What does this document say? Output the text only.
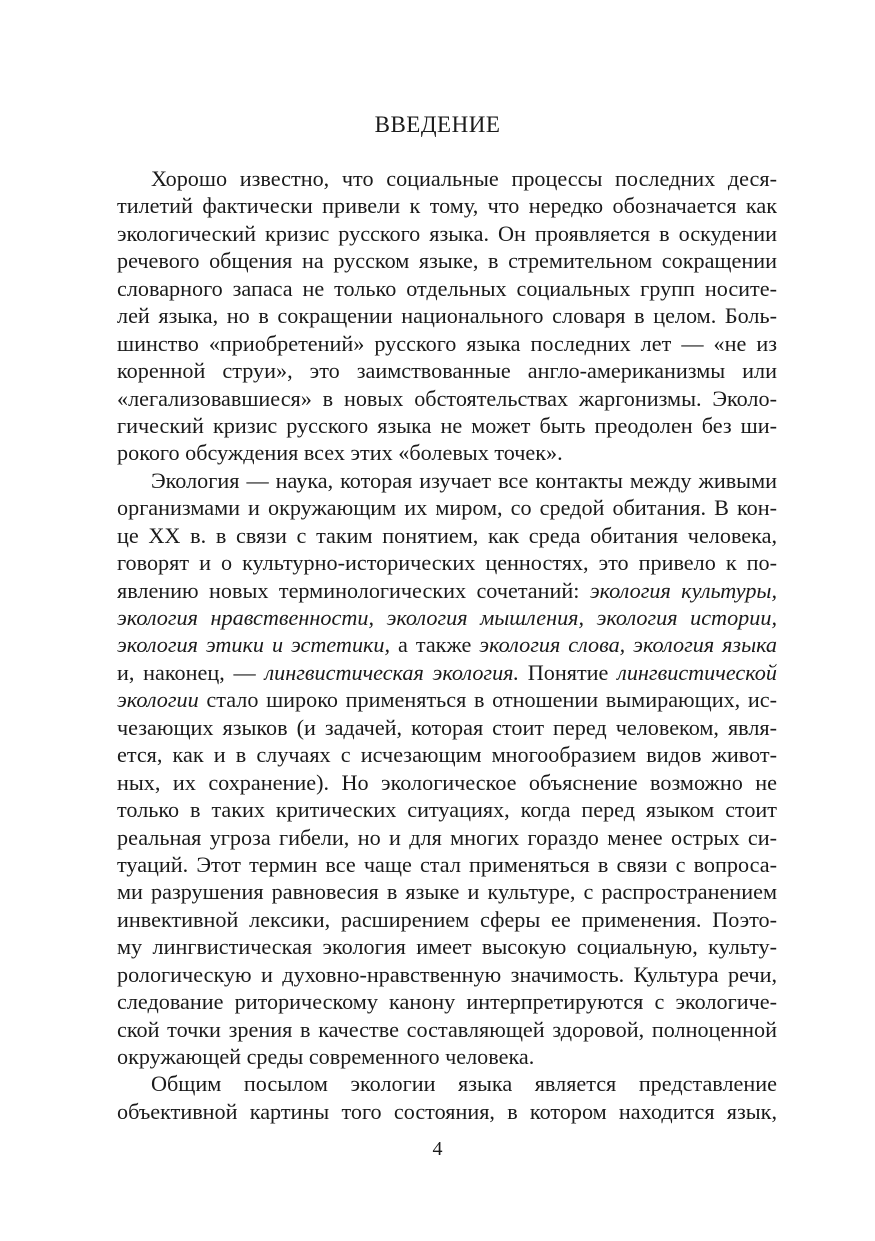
ВВЕДЕНИЕ
Хорошо известно, что социальные процессы последних деся-
тилетий фактически привели к тому, что нередко обозначается как
экологический кризис русского языка. Он проявляется в оскудении
речевого общения на русском языке, в стремительном сокращении
словарного запаса не только отдельных социальных групп носите-
лей языка, но в сокращении национального словаря в целом. Боль-
шинство «приобретений» русского языка последних лет — «не из
коренной струи», это заимствованные англо-американизмы или
«легализовавшиеся» в новых обстоятельствах жаргонизмы. Эколо-
гический кризис русского языка не может быть преодолен без ши-
рокого обсуждения всех этих «болевых точек».
Экология — наука, которая изучает все контакты между живыми
организмами и окружающим их миром, со средой обитания. В кон-
це XX в. в связи с таким понятием, как среда обитания человека,
говорят и о культурно-исторических ценностях, это привело к по-
явлению новых терминологических сочетаний: экология культуры,
экология нравственности, экология мышления, экология истории,
экология этики и эстетики, а также экология слова, экология языка
и, наконец, — лингвистическая экология. Понятие лингвистической
экологии стало широко применяться в отношении вымирающих, ис-
чезающих языков (и задачей, которая стоит перед человеком, явля-
ется, как и в случаях с исчезающим многообразием видов живот-
ных, их сохранение). Но экологическое объяснение возможно не
только в таких критических ситуациях, когда перед языком стоит
реальная угроза гибели, но и для многих гораздо менее острых си-
туаций. Этот термин все чаще стал применяться в связи с вопроса-
ми разрушения равновесия в языке и культуре, с распространением
инвективной лексики, расширением сферы ее применения. Поэто-
му лингвистическая экология имеет высокую социальную, культу-
рологическую и духовно-нравственную значимость. Культура речи,
следование риторическому канону интерпретируются с экологиче-
ской точки зрения в качестве составляющей здоровой, полноценной
окружающей среды современного человека.
Общим посылом экологии языка является представление
объективной картины того состояния, в котором находится язык,
4
